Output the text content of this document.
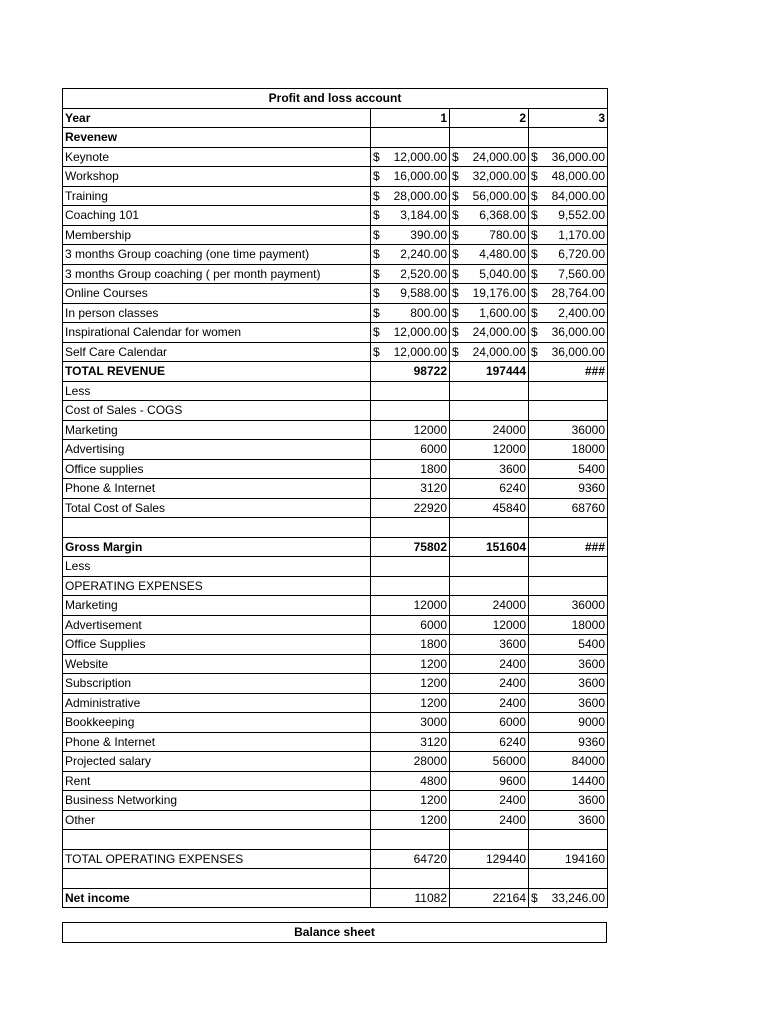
Profit and loss account			
Year	1	2	3
Revenew			
Keynote	$ 12,000.00	$ 24,000.00	$ 36,000.00

Workshop	$ 16,000.00	$ 32,000.00	$ 48,000.00

Training	$ 28,000.00	$ 56,000.00	$ 84,000.00

Coaching 101	$ 3,184.00	$ 6,368.00	$ 9,552.00

Membership	$ 390.00	$ 780.00	$ 1,170.00

3 months Group coaching (one time payment)	$ 2,240.00	$ 4,480.00	$ 6,720.00

3 months Group coaching ( per month payment)	$ 2,520.00	$ 5,040.00	$ 7,560.00

Online Courses	$ 9,588.00	$ 19,176.00	$ 28,764.00

In person classes	$ 800.00	$ 1,600.00	$ 2,400.00

Inspirational Calendar for women	$ 12,000.00	$ 24,000.00	$ 36,000.00

Self Care Calendar	$ 12,000.00	$ 24,000.00	$ 36,000.00

TOTAL REVENUE	98722	197444	###
Less			
Cost of Sales - COGS			
Marketing	12000	24000	36000
Advertising	6000	12000	18000
Office supplies	1800	3600	5400
Phone & Internet	3120	6240	9360
Total Cost of Sales	22920	45840	68760

Gross Margin	75802	151604	###
Less			
OPERATING EXPENSES			
Marketing	12000	24000	36000
Advertisement	6000	12000	18000
Office Supplies	1800	3600	5400
Website	1200	2400	3600
Subscription	1200	2400	3600
Administrative	1200	2400	3600
Bookkeeping	3000	6000	9000
Phone & Internet	3120	6240	9360
Projected salary	28000	56000	84000
Rent	4800	9600	14400
Business Networking	1200	2400	3600
Other	1200	2400	3600

TOTAL OPERATING EXPENSES	64720	129440	194160

Net income	11082	22164	$ 33,246.00
Balance sheet
